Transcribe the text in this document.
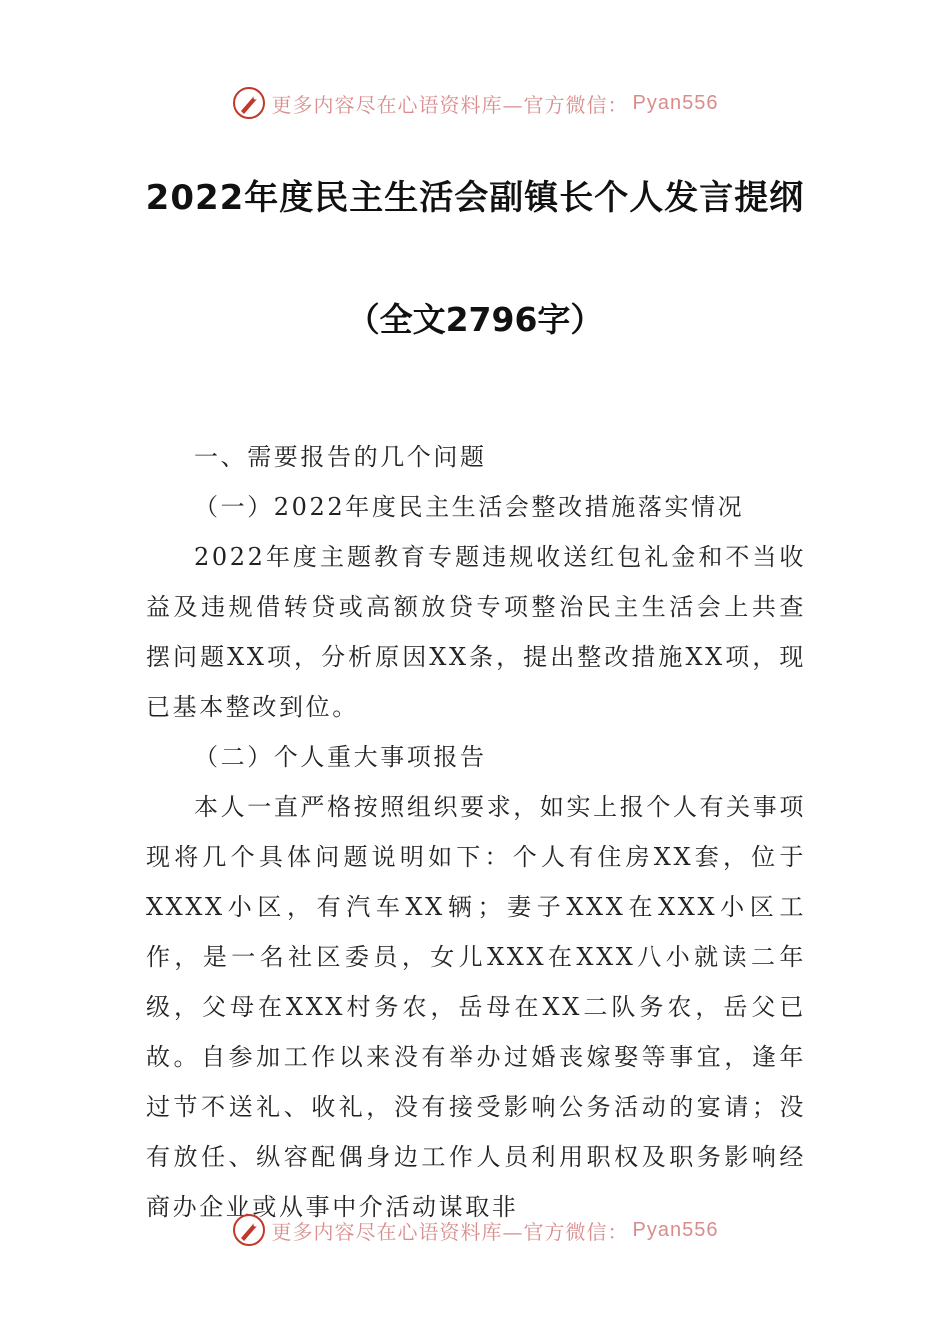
更多内容尽在心语资料库—官方微信： Pyan556
2022年度民主生活会副镇长个人发言提纲
（全文2796字）

一、需要报告的几个问题

（一）2022年度民主生活会整改措施落实情况

2022年度主题教育专题违规收送红包礼金和不当收益及违规借转贷或高额放贷专项整治民主生活会上共查摆问题XX项，分析原因XX条，提出整改措施XX项，现已基本整改到位。

（二）个人重大事项报告

本人一直严格按照组织要求，如实上报个人有关事项现将几个具体问题说明如下：个人有住房XX套，位于XXXX小区，有汽车XX辆；妻子XXX在XXX小区工作，是一名社区委员，女儿XXX在XXX八小就读二年级，父母在XXX村务农，岳母在XX二队务农，岳父已故。自参加工作以来没有举办过婚丧嫁娶等事宜，逢年过节不送礼、收礼，没有接受影响公务活动的宴请；没有放任、纵容配偶身边工作人员利用职权及职务影响经商办企业或从事中介活动谋取非

更多内容尽在心语资料库—官方微信： Pyan556
